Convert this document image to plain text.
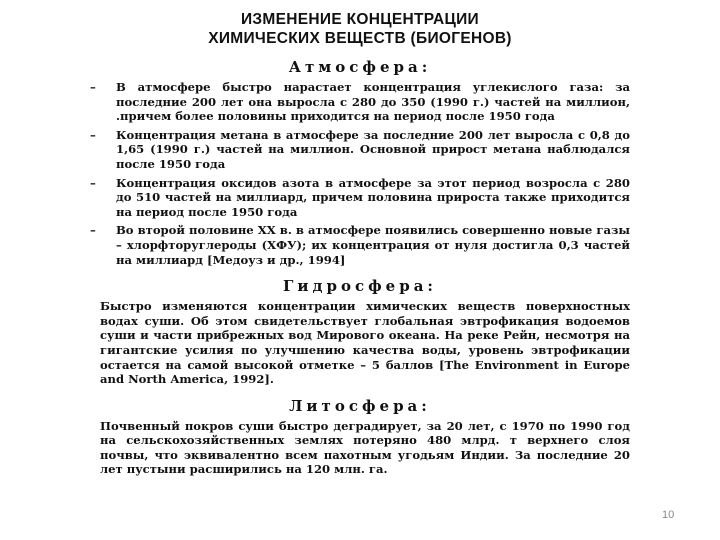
ИЗМЕНЕНИЕ КОНЦЕНТРАЦИИ
ХИМИЧЕСКИХ ВЕЩЕСТВ (БИОГЕНОВ)
Атмосфера:
–	В атмосфере быстро нарастает концентрация углекислого газа: за последние 200 лет она выросла с 280 до 350 (1990 г.) частей на миллион, .причем более половины приходится на период после 1950 года
–	Концентрация метана в атмосфере за последние 200 лет выросла с 0,8 до 1,65 (1990 г.) частей на миллион. Основной прирост метана наблюдался после 1950 года
–	Концентрация оксидов азота в атмосфере за этот период возросла с 280 до 510 частей на миллиард, причем половина прироста также приходится на период после 1950 года
–	Во второй половине XX в. в атмосфере появились совершенно новые газы – хлорфторуглероды (ХФУ); их концентрация от нуля достигла 0,3 частей на миллиард [Медоуз и др., 1994]
Гидросфера:
Быстро изменяются концентрации химических веществ поверхностных водах суши. Об этом свидетельствует глобальная эвтрофикация водоемов суши и части прибрежных вод Мирового океана. На реке Рейн, несмотря на гигантские усилия по улучшению качества воды, уровень эвтрофикации остается на самой высокой отметке – 5 баллов [The Environment in Europe and North America, 1992].
Литосфера:
Почвенный покров суши быстро деградирует, за 20 лет, с 1970 по 1990 год на сельскохозяйственных землях потеряно 480 млрд. т верхнего слоя почвы, что эквивалентно всем пахотным угодьям Индии. За последние 20 лет пустыни расширились на 120 млн. га.
10
